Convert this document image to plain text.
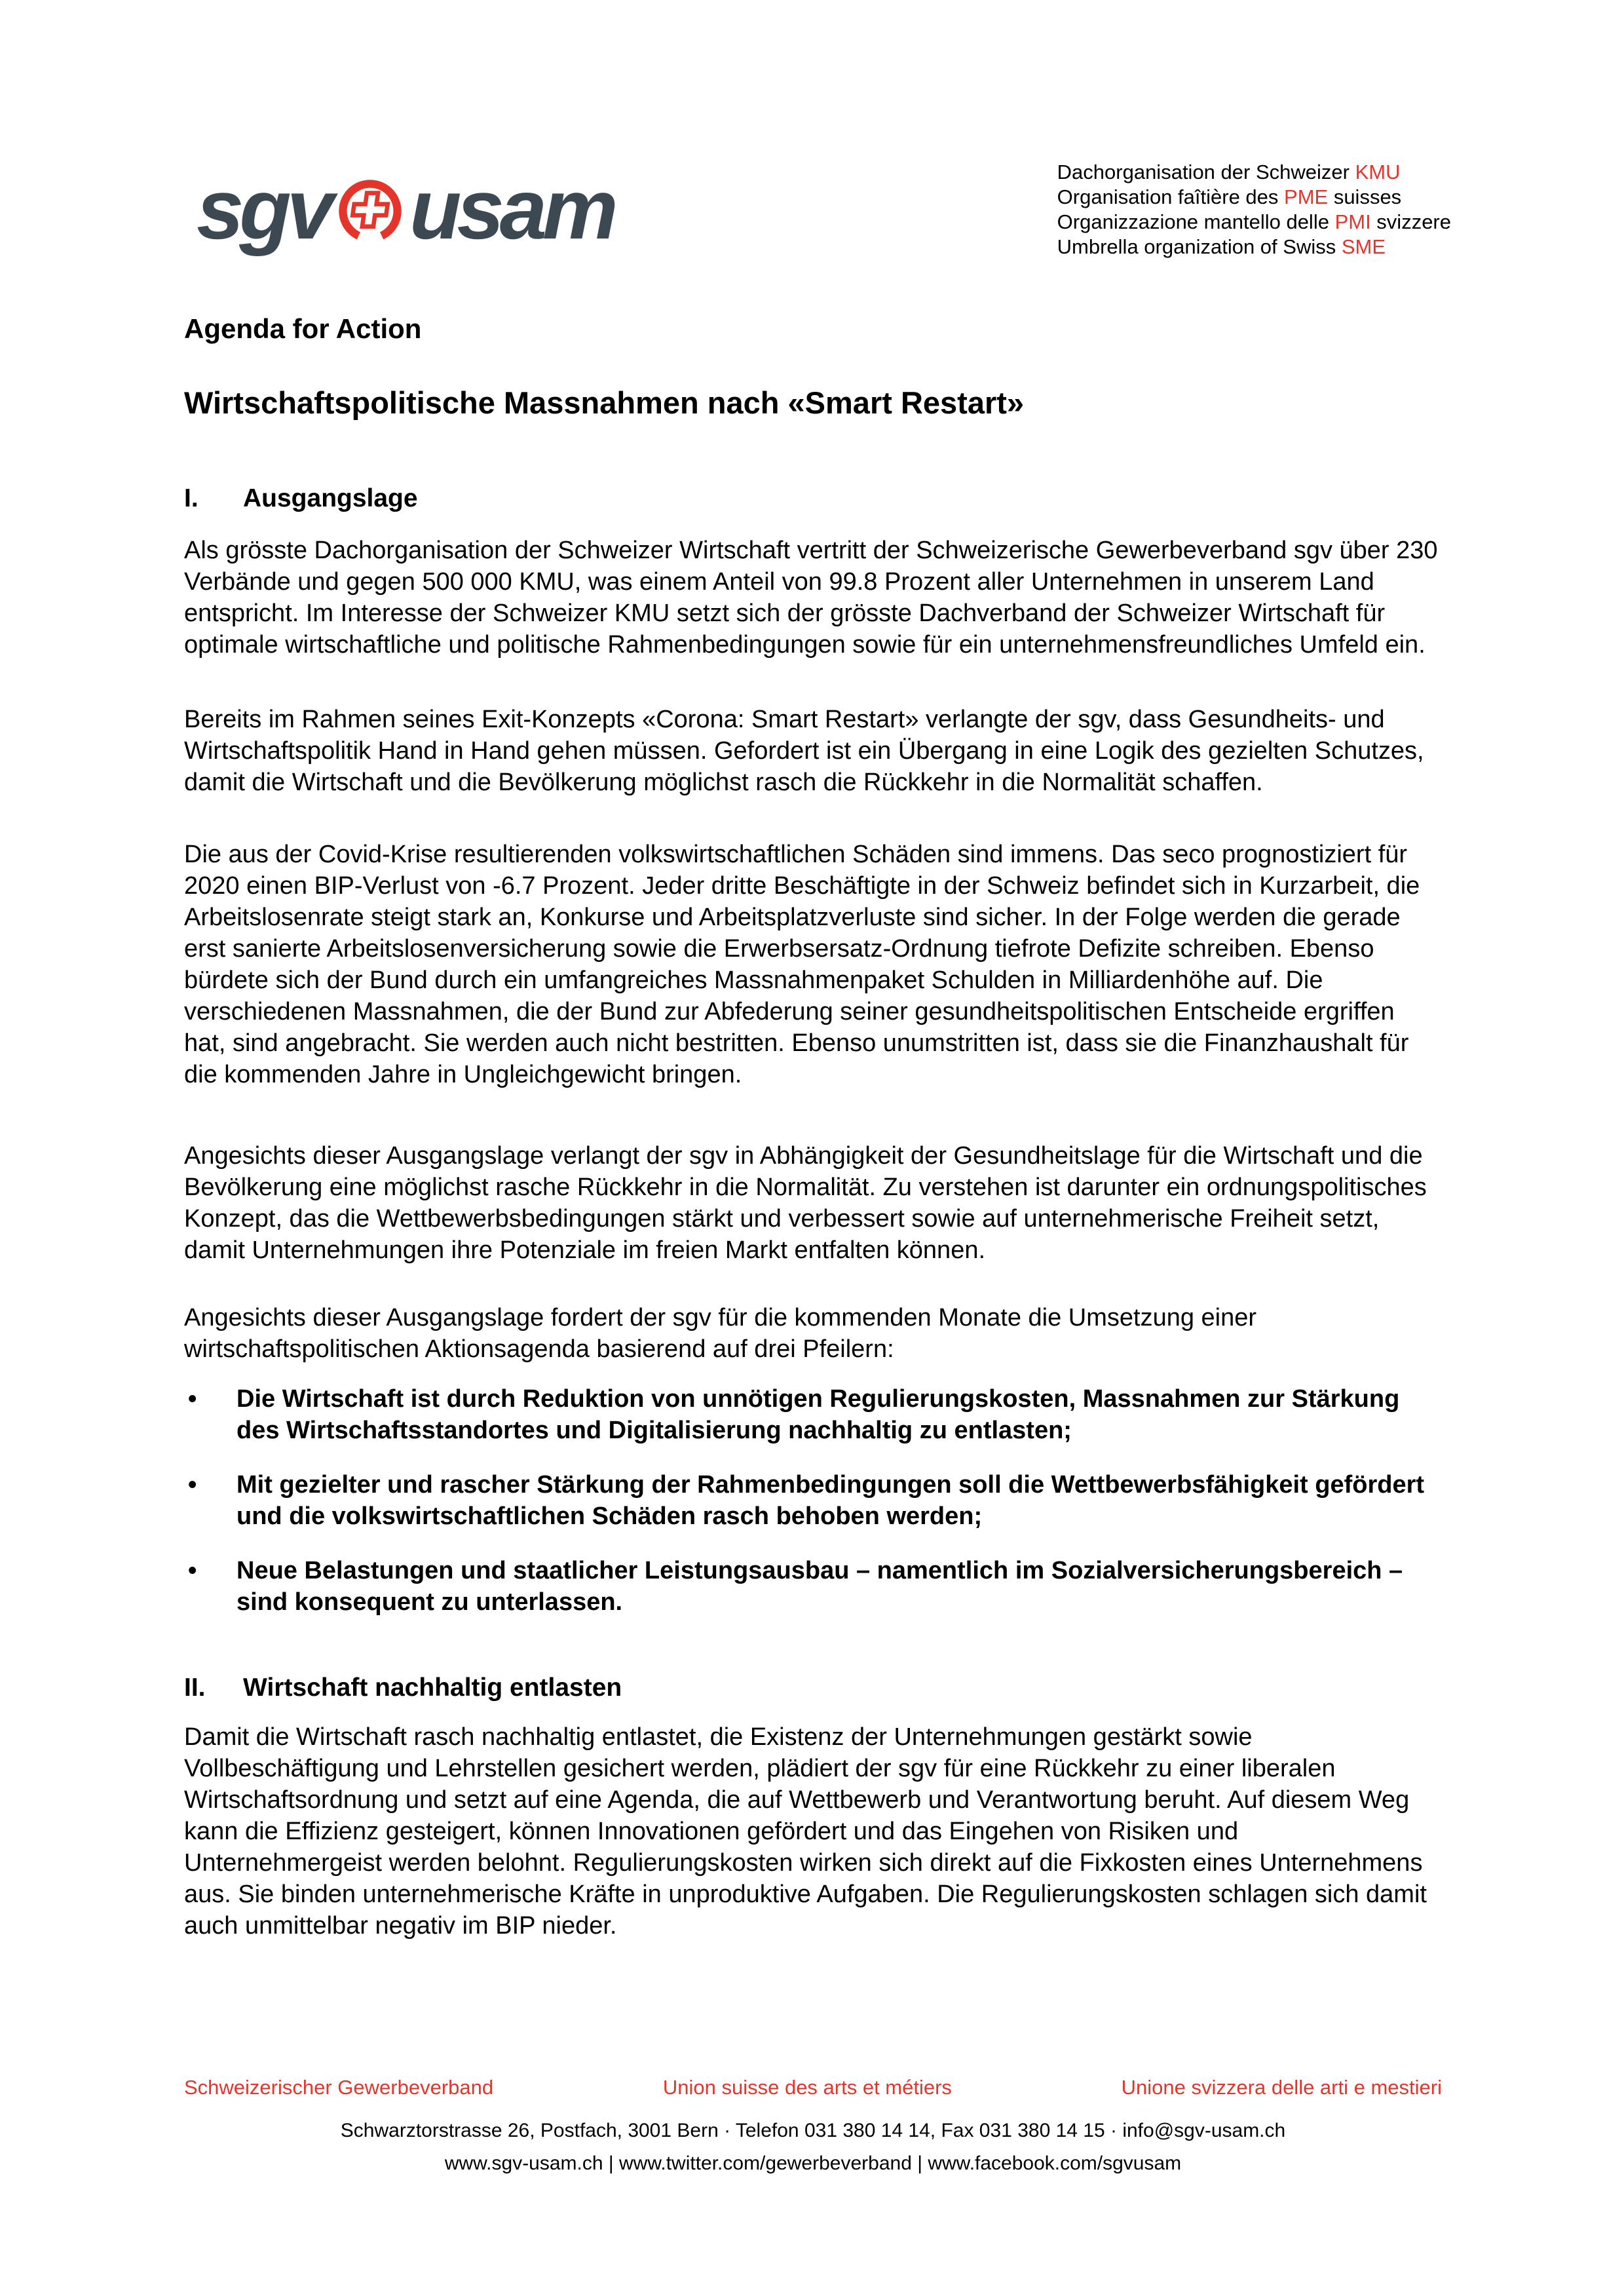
sgv usam	Dachorganisation der Schweizer KMU
Organisation faîtière des PME suisses
Organizzazione mantello delle PMI svizzere
Umbrella organization of Swiss SME
Agenda for Action
Wirtschaftspolitische Massnahmen nach «Smart Restart»
I.	Ausgangslage

Als grösste Dachorganisation der Schweizer Wirtschaft vertritt der Schweizerische Gewerbeverband sgv über 230 Verbände und gegen 500 000 KMU, was einem Anteil von 99.8 Prozent aller Unternehmen in unserem Land entspricht. Im Interesse der Schweizer KMU setzt sich der grösste Dachverband der Schweizer Wirtschaft für optimale wirtschaftliche und politische Rahmenbedingungen sowie für ein unternehmensfreundliches Umfeld ein.

Bereits im Rahmen seines Exit-Konzepts «Corona: Smart Restart» verlangte der sgv, dass Gesundheits- und Wirtschaftspolitik Hand in Hand gehen müssen. Gefordert ist ein Übergang in eine Logik des gezielten Schutzes, damit die Wirtschaft und die Bevölkerung möglichst rasch die Rückkehr in die Normalität schaffen.

Die aus der Covid-Krise resultierenden volkswirtschaftlichen Schäden sind immens. Das seco prognostiziert für 2020 einen BIP-Verlust von -6.7 Prozent. Jeder dritte Beschäftigte in der Schweiz befindet sich in Kurzarbeit, die Arbeitslosenrate steigt stark an, Konkurse und Arbeitsplatzverluste sind sicher. In der Folge werden die gerade erst sanierte Arbeitslosenversicherung sowie die Erwerbsersatz-Ordnung tiefrote Defizite schreiben. Ebenso bürdete sich der Bund durch ein umfangreiches Massnahmenpaket Schulden in Milliardenhöhe auf. Die verschiedenen Massnahmen, die der Bund zur Abfederung seiner gesundheitspolitischen Entscheide ergriffen hat, sind angebracht. Sie werden auch nicht bestritten. Ebenso unumstritten ist, dass sie die Finanzhaushalt für die kommenden Jahre in Ungleichgewicht bringen.

Angesichts dieser Ausgangslage verlangt der sgv in Abhängigkeit der Gesundheitslage für die Wirtschaft und die Bevölkerung eine möglichst rasche Rückkehr in die Normalität. Zu verstehen ist darunter ein ordnungspolitisches Konzept, das die Wettbewerbsbedingungen stärkt und verbessert sowie auf unternehmerische Freiheit setzt, damit Unternehmungen ihre Potenziale im freien Markt entfalten können.

Angesichts dieser Ausgangslage fordert der sgv für die kommenden Monate die Umsetzung einer wirtschaftspolitischen Aktionsagenda basierend auf drei Pfeilern:

• Die Wirtschaft ist durch Reduktion von unnötigen Regulierungskosten, Massnahmen zur Stärkung des Wirtschaftsstandortes und Digitalisierung nachhaltig zu entlasten;
• Mit gezielter und rascher Stärkung der Rahmenbedingungen soll die Wettbewerbsfähigkeit gefördert und die volkswirtschaftlichen Schäden rasch behoben werden;
• Neue Belastungen und staatlicher Leistungsausbau – namentlich im Sozialversicherungsbereich – sind konsequent zu unterlassen.
II.	Wirtschaft nachhaltig entlasten

Damit die Wirtschaft rasch nachhaltig entlastet, die Existenz der Unternehmungen gestärkt sowie Vollbeschäftigung und Lehrstellen gesichert werden, plädiert der sgv für eine Rückkehr zu einer liberalen Wirtschaftsordnung und setzt auf eine Agenda, die auf Wettbewerb und Verantwortung beruht. Auf diesem Weg kann die Effizienz gesteigert, können Innovationen gefördert und das Eingehen von Risiken und Unternehmergeist werden belohnt. Regulierungskosten wirken sich direkt auf die Fixkosten eines Unternehmens aus. Sie binden unternehmerische Kräfte in unproduktive Aufgaben. Die Regulierungskosten schlagen sich damit auch unmittelbar negativ im BIP nieder.

Schweizerischer Gewerbeverband	Union suisse des arts et métiers	Unione svizzera delle arti e mestieri
Schwarztorstrasse 26, Postfach, 3001 Bern · Telefon 031 380 14 14, Fax 031 380 14 15 · info@sgv-usam.ch
www.sgv-usam.ch | www.twitter.com/gewerbeverband | www.facebook.com/sgvusam
